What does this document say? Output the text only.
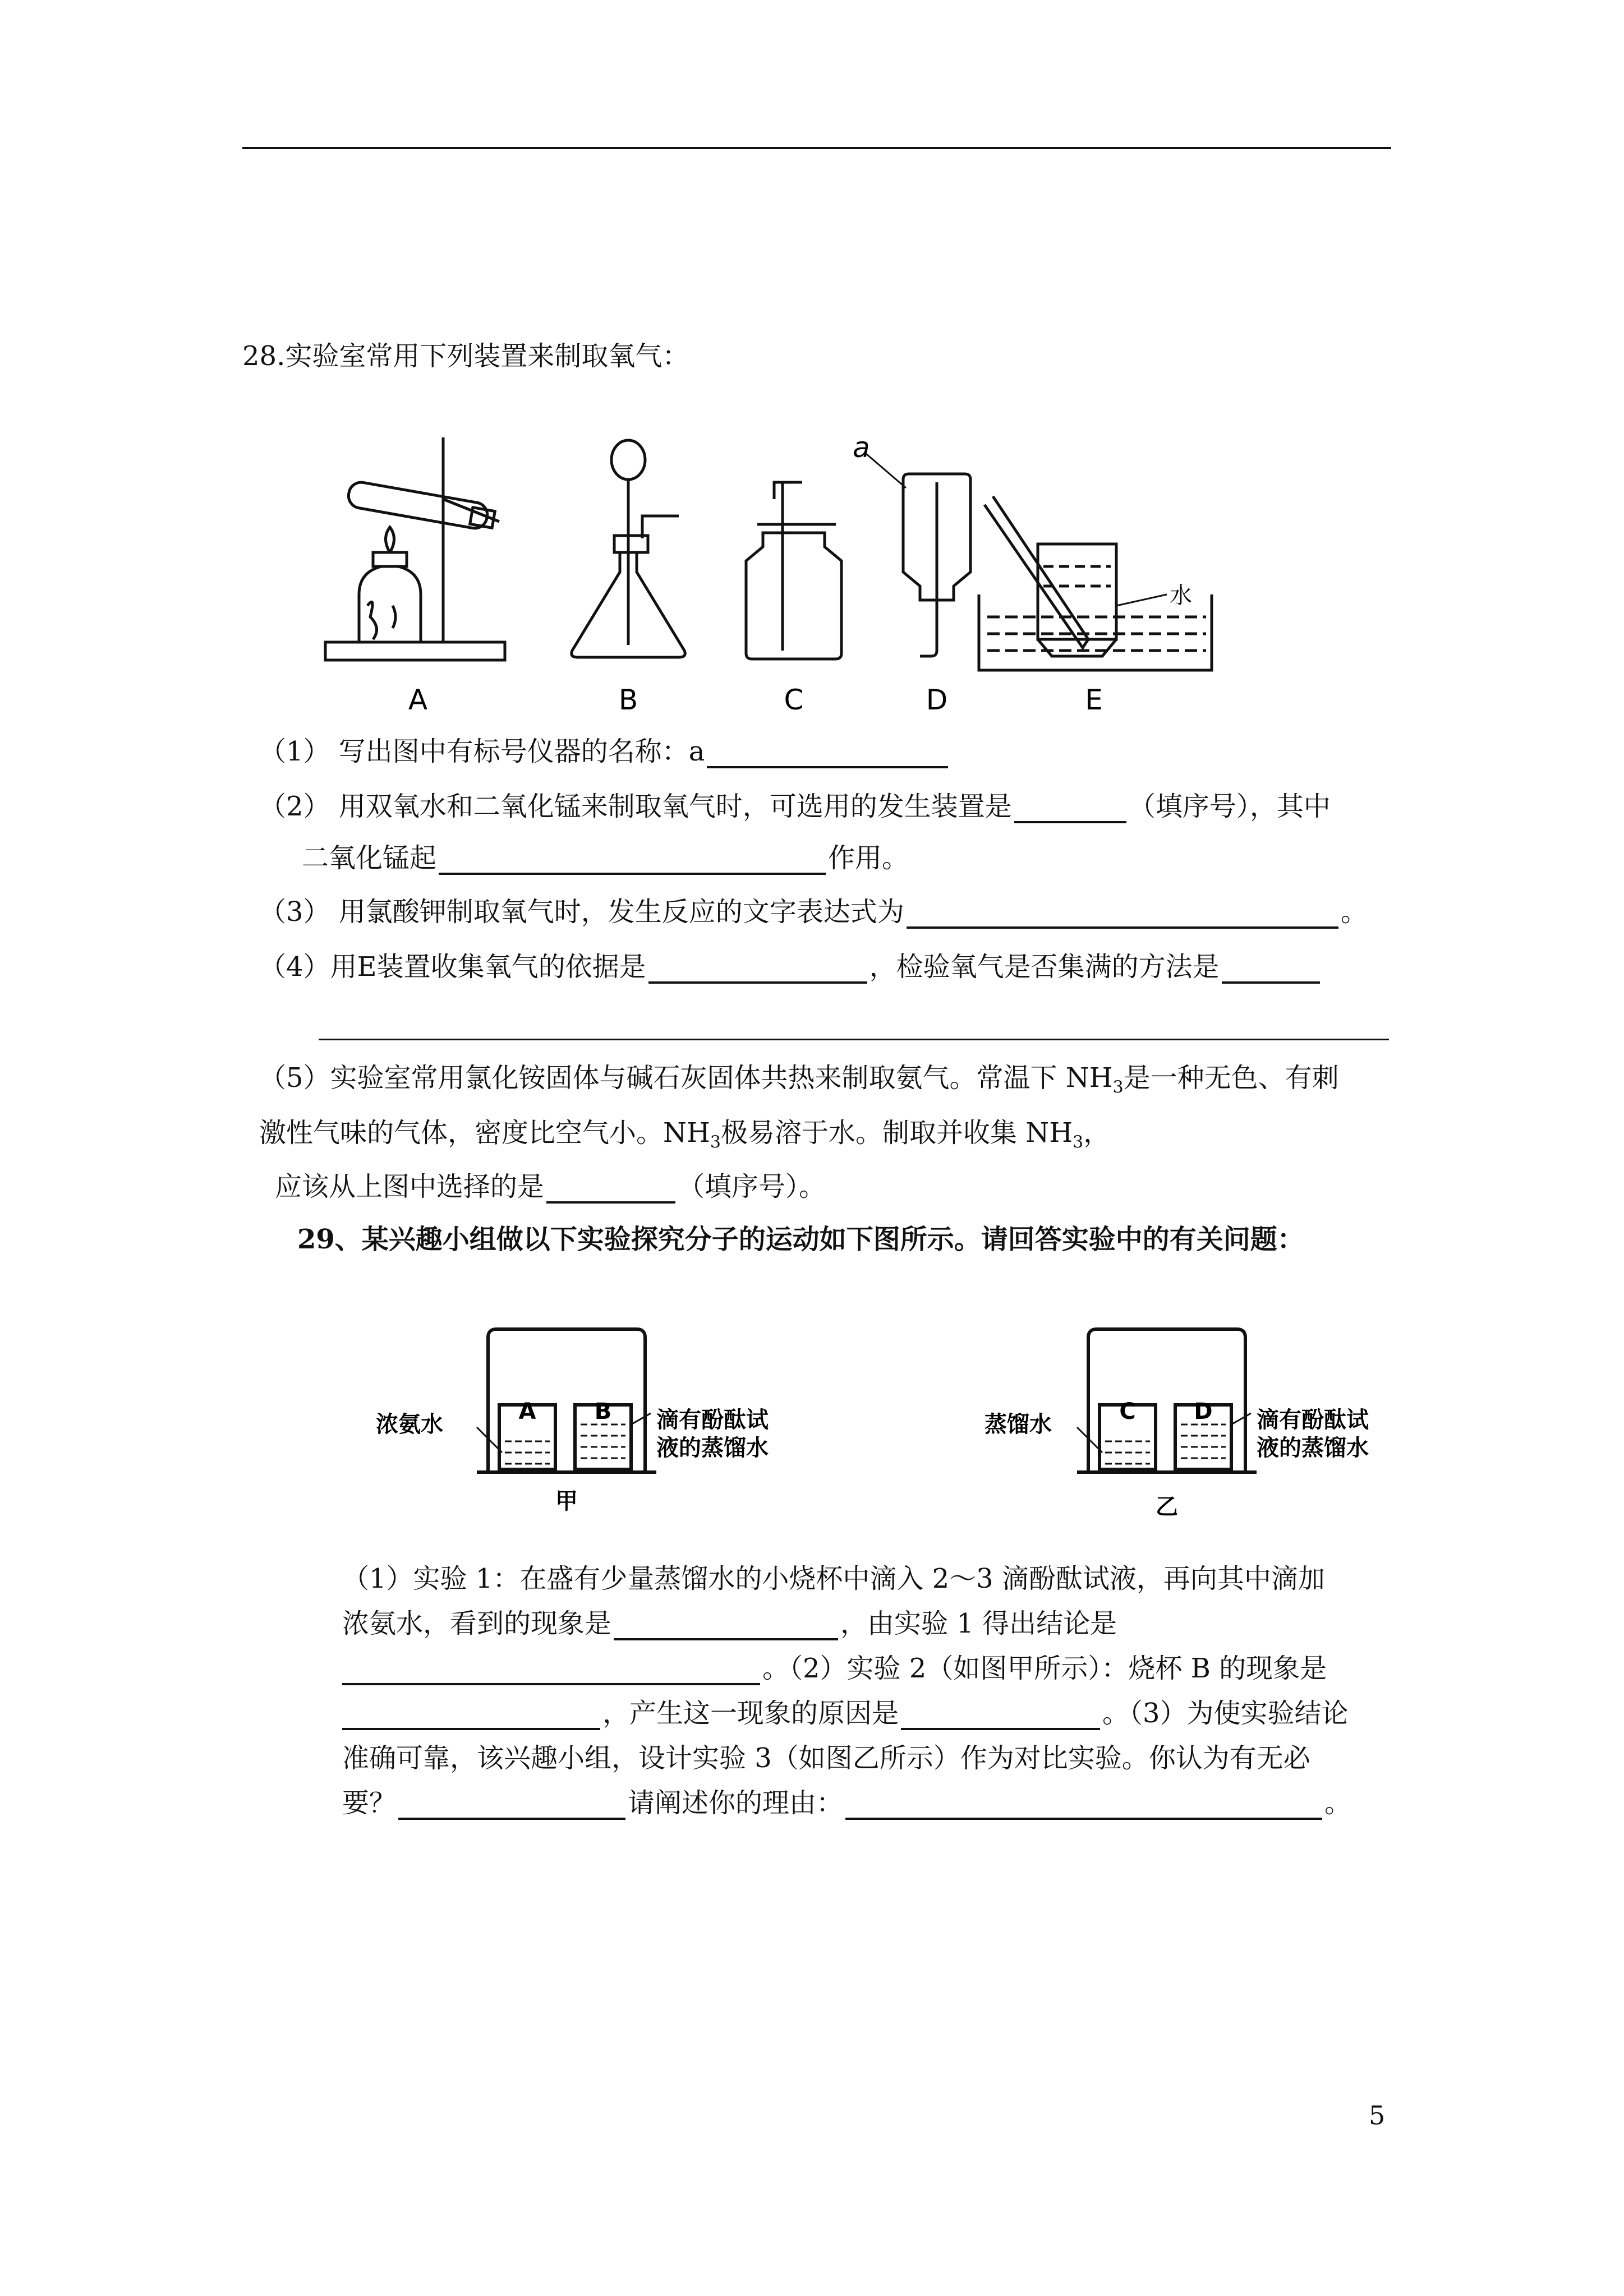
28.实验室常用下列装置来制取氧气：
A	B	C	D	E
a
水
（1） 写出图中有标号仪器的名称：a
（2） 用双氧水和二氧化锰来制取氧气时，可选用的发生装置是	（填序号），其中
二氧化锰起	作用。
（3） 用氯酸钾制取氧气时，发生反应的文字表达式为	。
（4）用E装置收集氧气的依据是	，检验氧气是否集满的方法是
（5）实验室常用氯化铵固体与碱石灰固体共热来制取氨气。常温下 $NH_3$是一种无色、有刺
激性气味的气体，密度比空气小。$NH_3$极易溶于水。制取并收集 $NH_3$，
应该从上图中选择的是	（填序号）。
29、某兴趣小组做以下实验探究分子的运动如下图所示。请回答实验中的有关问题：
浓氨水	A	B 滴有酚酞试
液的蒸馏水
甲
蒸馏水	C	D 滴有酚酞试
液的蒸馏水
乙
（1）实验 1：在盛有少量蒸馏水的小烧杯中滴入 2～3 滴酚酞试液，再向其中滴加
浓氨水，看到的现象是	，由实验 1 得出结论是
。（2）实验 2（如图甲所示）：烧杯 B 的现象是
，产生这一现象的原因是	。（3）为使实验结论
准确可靠，该兴趣小组，设计实验 3（如图乙所示）作为对比实验。你认为有无必
要？	请阐述你的理由：	。
5
